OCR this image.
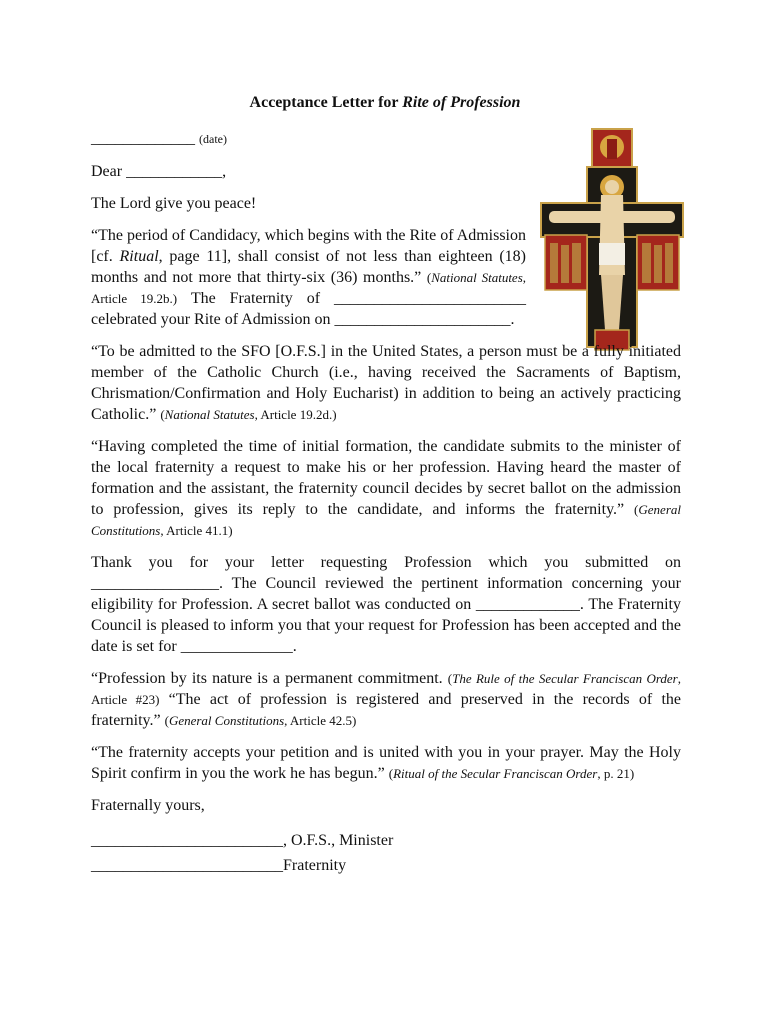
Acceptance Letter for Rite of Profession

_____________ (date)

Dear ____________,

The Lord give you peace!

“The period of Candidacy, which begins with the Rite of Admission [cf. Ritual, page 11], shall consist of not less than eighteen (18) months and not more that thirty-six (36) months.” (National Statutes, Article 19.2b.) The Fraternity of ________________________ celebrated your Rite of Admission on ______________________.

“To be admitted to the SFO [O.F.S.] in the United States, a person must be a fully initiated member of the Catholic Church (i.e., having received the Sacraments of Baptism, Chrismation/Confirmation and Holy Eucharist) in addition to being an actively practicing Catholic.” (National Statutes, Article 19.2d.)

“Having completed the time of initial formation, the candidate submits to the minister of the local fraternity a request to make his or her profession. Having heard the master of formation and the assistant, the fraternity council decides by secret ballot on the admission to profession, gives its reply to the candidate, and informs the fraternity.” (General Constitutions, Article 41.1)

Thank you for your letter requesting Profession which you submitted on ________________. The Council reviewed the pertinent information concerning your eligibility for Profession. A secret ballot was conducted on _____________. The Fraternity Council is pleased to inform you that your request for Profession has been accepted and the date is set for ______________.

“Profession by its nature is a permanent commitment. (The Rule of the Secular Franciscan Order, Article #23) “The act of profession is registered and preserved in the records of the fraternity.” (General Constitutions, Article 42.5)

“The fraternity accepts your petition and is united with you in your prayer. May the Holy Spirit confirm in you the work he has begun.” (Ritual of the Secular Franciscan Order, p. 21)

Fraternally yours,

________________________, O.F.S., Minister

________________________Fraternity
